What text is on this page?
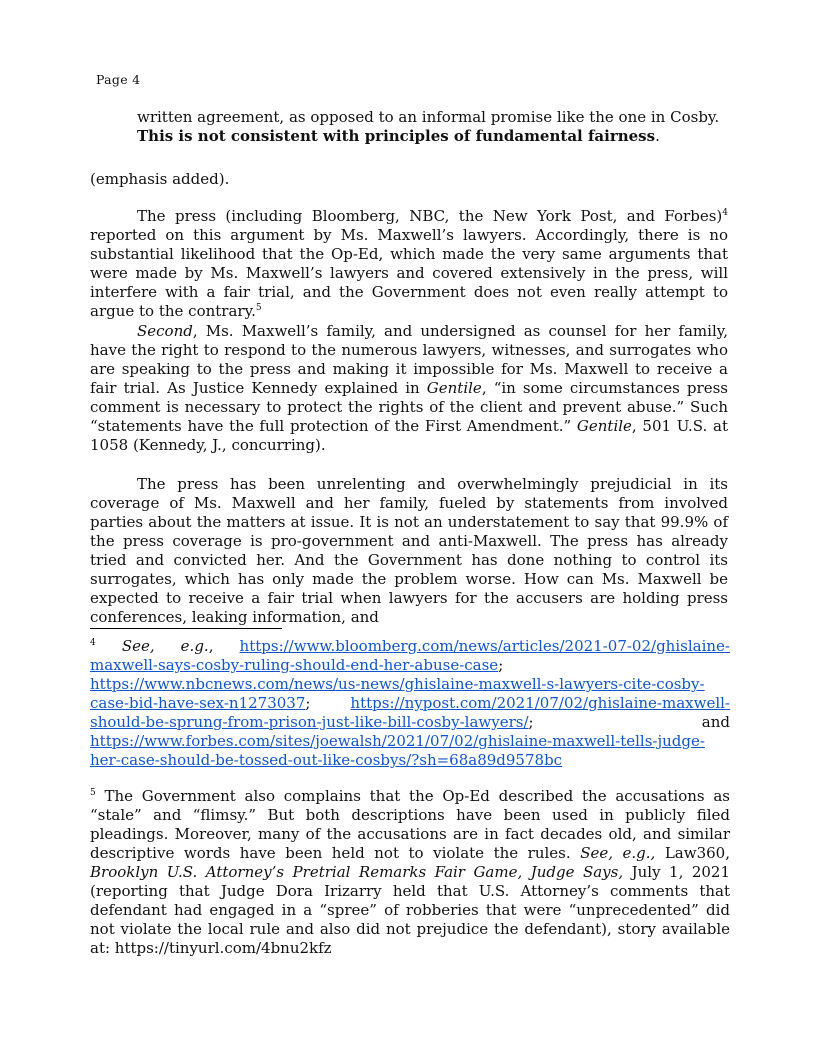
Page 4
written agreement, as opposed to an informal promise like the one in Cosby.
This is not consistent with principles of fundamental fairness.
(emphasis added).
The press (including Bloomberg, NBC, the New York Post, and Forbes)$^4$ reported on this argument by Ms. Maxwell’s lawyers. Accordingly, there is no substantial likelihood that the Op-Ed, which made the very same arguments that were made by Ms. Maxwell’s lawyers and covered extensively in the press, will interfere with a fair trial, and the Government does not even really attempt to argue to the contrary.$^5$
Second, Ms. Maxwell’s family, and undersigned as counsel for her family, have the right to respond to the numerous lawyers, witnesses, and surrogates who are speaking to the press and making it impossible for Ms. Maxwell to receive a fair trial. As Justice Kennedy explained in Gentile, “in some circumstances press comment is necessary to protect the rights of the client and prevent abuse.” Such “statements have the full protection of the First Amendment.” Gentile, 501 U.S. at 1058 (Kennedy, J., concurring).
The press has been unrelenting and overwhelmingly prejudicial in its coverage of Ms. Maxwell and her family, fueled by statements from involved parties about the matters at issue. It is not an understatement to say that 99.9% of the press coverage is pro-government and anti-Maxwell. The press has already tried and convicted her. And the Government has done nothing to control its surrogates, which has only made the problem worse. How can Ms. Maxwell be expected to receive a fair trial when lawyers for the accusers are holding press conferences, leaking information, and
$^4$ See, e.g., https://www.bloomberg.com/news/articles/2021-07-02/ghislaine-maxwell-says-cosby-ruling-should-end-her-abuse-case; https://www.nbcnews.com/news/us-news/ghislaine-maxwell-s-lawyers-cite-cosby-case-bid-have-sex-n1273037;	https://nypost.com/2021/07/02/ghislaine-maxwell-should-be-sprung-from-prison-just-like-bill-cosby-lawyers/; and https://www.forbes.com/sites/joewalsh/2021/07/02/ghislaine-maxwell-tells-judge-her-case-should-be-tossed-out-like-cosbys/?sh=68a89d9578bc
$^5$ The Government also complains that the Op-Ed described the accusations as “stale” and “flimsy.” But both descriptions have been used in publicly filed pleadings. Moreover, many of the accusations are in fact decades old, and similar descriptive words have been held not to violate the rules. See, e.g., Law360, Brooklyn U.S. Attorney’s Pretrial Remarks Fair Game, Judge Says, July 1, 2021 (reporting that Judge Dora Irizarry held that U.S. Attorney’s comments that defendant had engaged in a “spree” of robberies that were “unprecedented” did not violate the local rule and also did not prejudice the defendant), story available at: https://tinyurl.com/4bnu2kfz
